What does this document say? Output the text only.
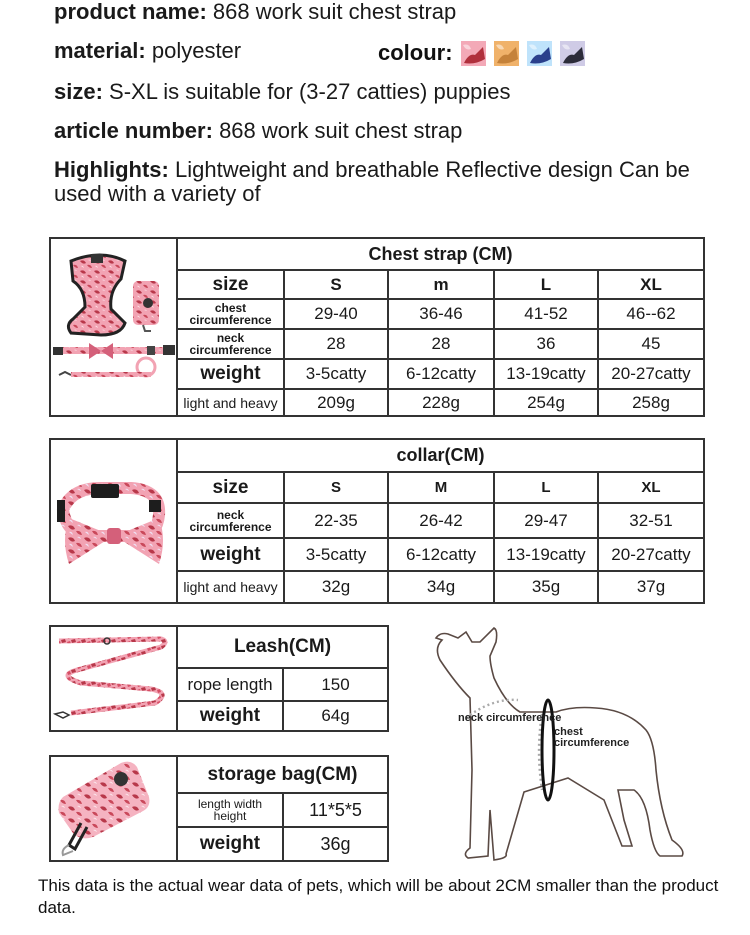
product name: 868 work suit chest strap
material: polyester	colour:
size: S-XL is suitable for (3-27 catties) puppies
article number: 868 work suit chest strap
Highlights: Lightweight and breathable Reflective design Can be used with a variety of
Chest strap (CM)
size	S	m	L	XL
chest circumference	29-40	36-46	41-52	46--62
neck circumference	28	28	36	45
weight	3-5catty	6-12catty	13-19catty	20-27catty
light and heavy	209g	228g	254g	258g
collar(CM)
size	S	M	L	XL
neck circumference	22-35	26-42	29-47	32-51
weight	3-5catty	6-12catty	13-19catty	20-27catty
light and heavy	32g	34g	35g	37g
Leash(CM)
rope length	150
weight	64g
storage bag(CM)
length width height	11*5*5
weight	36g
neck circumference
chest circumference
This data is the actual wear data of pets, which will be about 2CM smaller than the product data.
